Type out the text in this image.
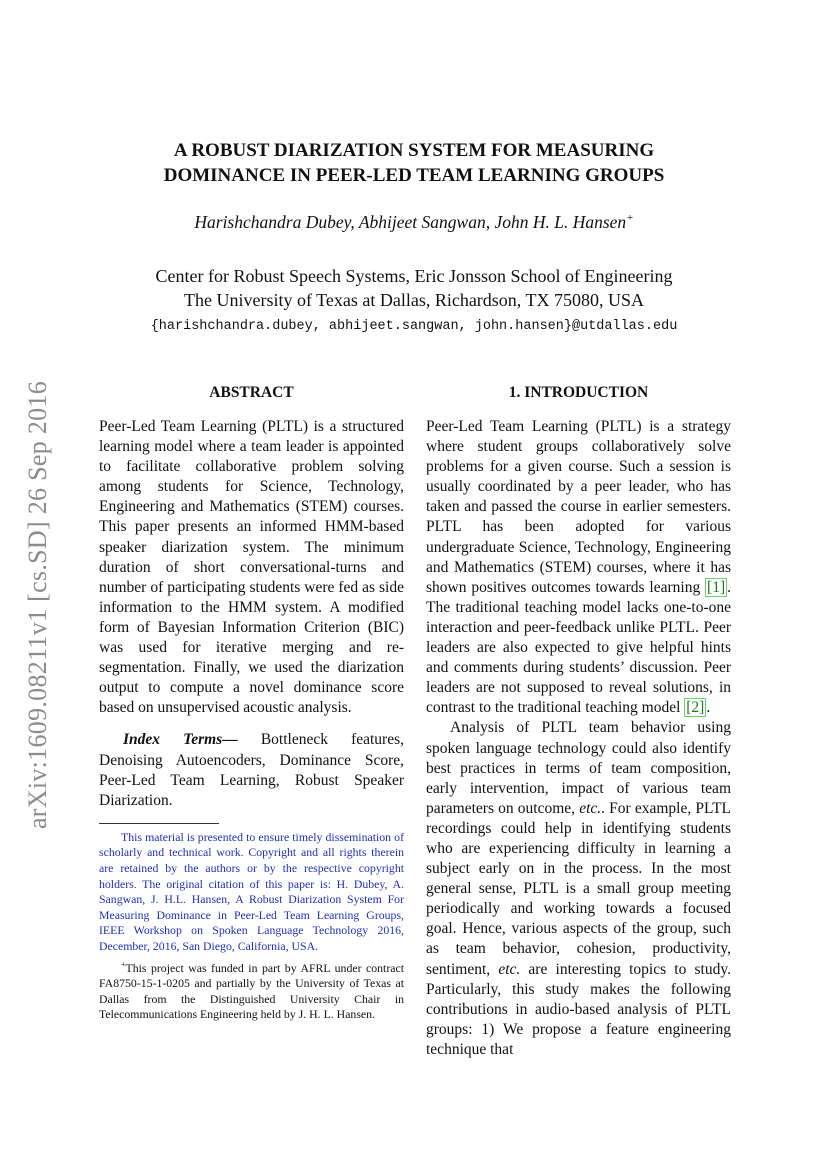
arXiv:1609.08211v1 [cs.SD] 26 Sep 2016
A ROBUST DIARIZATION SYSTEM FOR MEASURING
DOMINANCE IN PEER-LED TEAM LEARNING GROUPS
Harishchandra Dubey, Abhijeet Sangwan, John H. L. Hansen+
Center for Robust Speech Systems, Eric Jonsson School of Engineering
The University of Texas at Dallas, Richardson, TX 75080, USA
{harishchandra.dubey, abhijeet.sangwan, john.hansen}@utdallas.edu
ABSTRACT

Peer-Led Team Learning (PLTL) is a structured learning model where a team leader is appointed to facilitate collaborative problem solving among students for Science, Technology, Engineering and Mathematics (STEM) courses. This paper presents an informed HMM-based speaker diarization system. The minimum duration of short conversational-turns and number of participating students were fed as side information to the HMM system. A modified form of Bayesian Information Criterion (BIC) was used for iterative merging and re-segmentation. Finally, we used the diarization output to compute a novel dominance score based on unsupervised acoustic analysis.

Index Terms— Bottleneck features, Denoising Autoencoders, Dominance Score, Peer-Led Team Learning, Robust Speaker Diarization.

This material is presented to ensure timely dissemination of scholarly and technical work. Copyright and all rights therein are retained by the authors or by the respective copyright holders. The original citation of this paper is: H. Dubey, A. Sangwan, J. H.L. Hansen, A Robust Diarization System For Measuring Dominance in Peer-Led Team Learning Groups, IEEE Workshop on Spoken Language Technology 2016, December, 2016, San Diego, California, USA.

+This project was funded in part by AFRL under contract FA8750-15-1-0205 and partially by the University of Texas at Dallas from the Distinguished University Chair in Telecommunications Engineering held by J. H. L. Hansen.

1. INTRODUCTION

Peer-Led Team Learning (PLTL) is a strategy where student groups collaboratively solve problems for a given course. Such a session is usually coordinated by a peer leader, who has taken and passed the course in earlier semesters. PLTL has been adopted for various undergraduate Science, Technology, Engineering and Mathematics (STEM) courses, where it has shown positives outcomes towards learning [1] . The traditional teaching model lacks one-to-one interaction and peer-feedback unlike PLTL. Peer leaders are also expected to give helpful hints and comments during students’ discussion. Peer leaders are not supposed to reveal solutions, in contrast to the traditional teaching model [2] .

Analysis of PLTL team behavior using spoken language technology could also identify best practices in terms of team composition, early intervention, impact of various team parameters on outcome, etc.. For example, PLTL recordings could help in identifying students who are experiencing difficulty in learning a subject early on in the process. In the most general sense, PLTL is a small group meeting periodically and working towards a focused goal. Hence, various aspects of the group, such as team behavior, cohesion, productivity, sentiment, etc. are interesting topics to study. Particularly, this study makes the following contributions in audio-based analysis of PLTL groups: 1) We propose a feature engineering technique that
